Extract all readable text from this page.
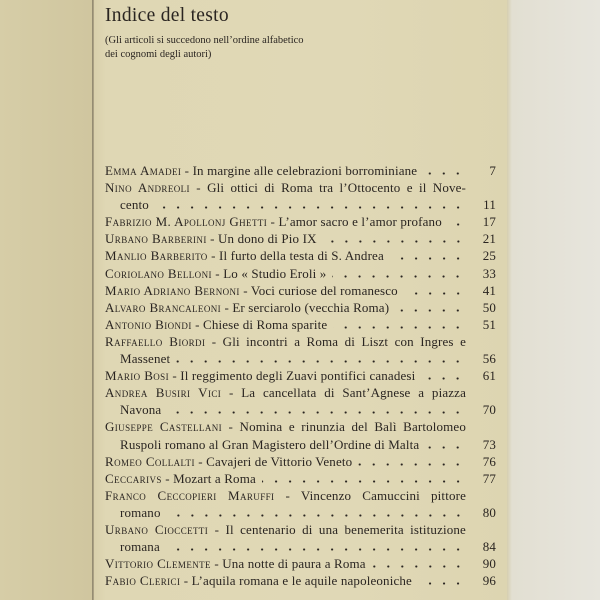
Indice del testo
(Gli articoli si succedono nell’ordine alfabetico
dei cognomi degli autori)
Emma Amadei - In margine alle celebrazioni borrominiane	7
Nino Andreoli - Gli ottici di Roma tra l’Ottocento e il Nove-
cento	11
Fabrizio M. Apollonj Ghetti - L’amor sacro e l’amor profano	17
Urbano Barberini - Un dono di Pio IX	21
Manlio Barberito - Il furto della testa di S. Andrea	25
Coriolano Belloni - Lo « Studio Eroli »	33
Mario Adriano Bernoni - Voci curiose del romanesco	41
Alvaro Brancaleoni - Er serciarolo (vecchia Roma)	50
Antonio Biondi - Chiese di Roma sparite	51
Raffaello Biordi - Gli incontri a Roma di Liszt con Ingres e
Massenet	56
Mario Bosi - Il reggimento degli Zuavi pontifici canadesi	61
Andrea Busiri Vici - La cancellata di Sant’Agnese a piazza
Navona	70
Giuseppe Castellani - Nomina e rinunzia del Balì Bartolomeo
Ruspoli romano al Gran Magistero dell’Ordine di Malta	73
Romeo Collalti - Cavajeri de Vittorio Veneto	76
Ceccarivs - Mozart a Roma	77
Franco Ceccopieri Maruffi - Vincenzo Camuccini pittore
romano	80
Urbano Cioccetti - Il centenario di una benemerita istituzione
romana	84
Vittorio Clemente - Una notte di paura a Roma	90
Fabio Clerici - L’aquila romana e le aquile napoleoniche	96
